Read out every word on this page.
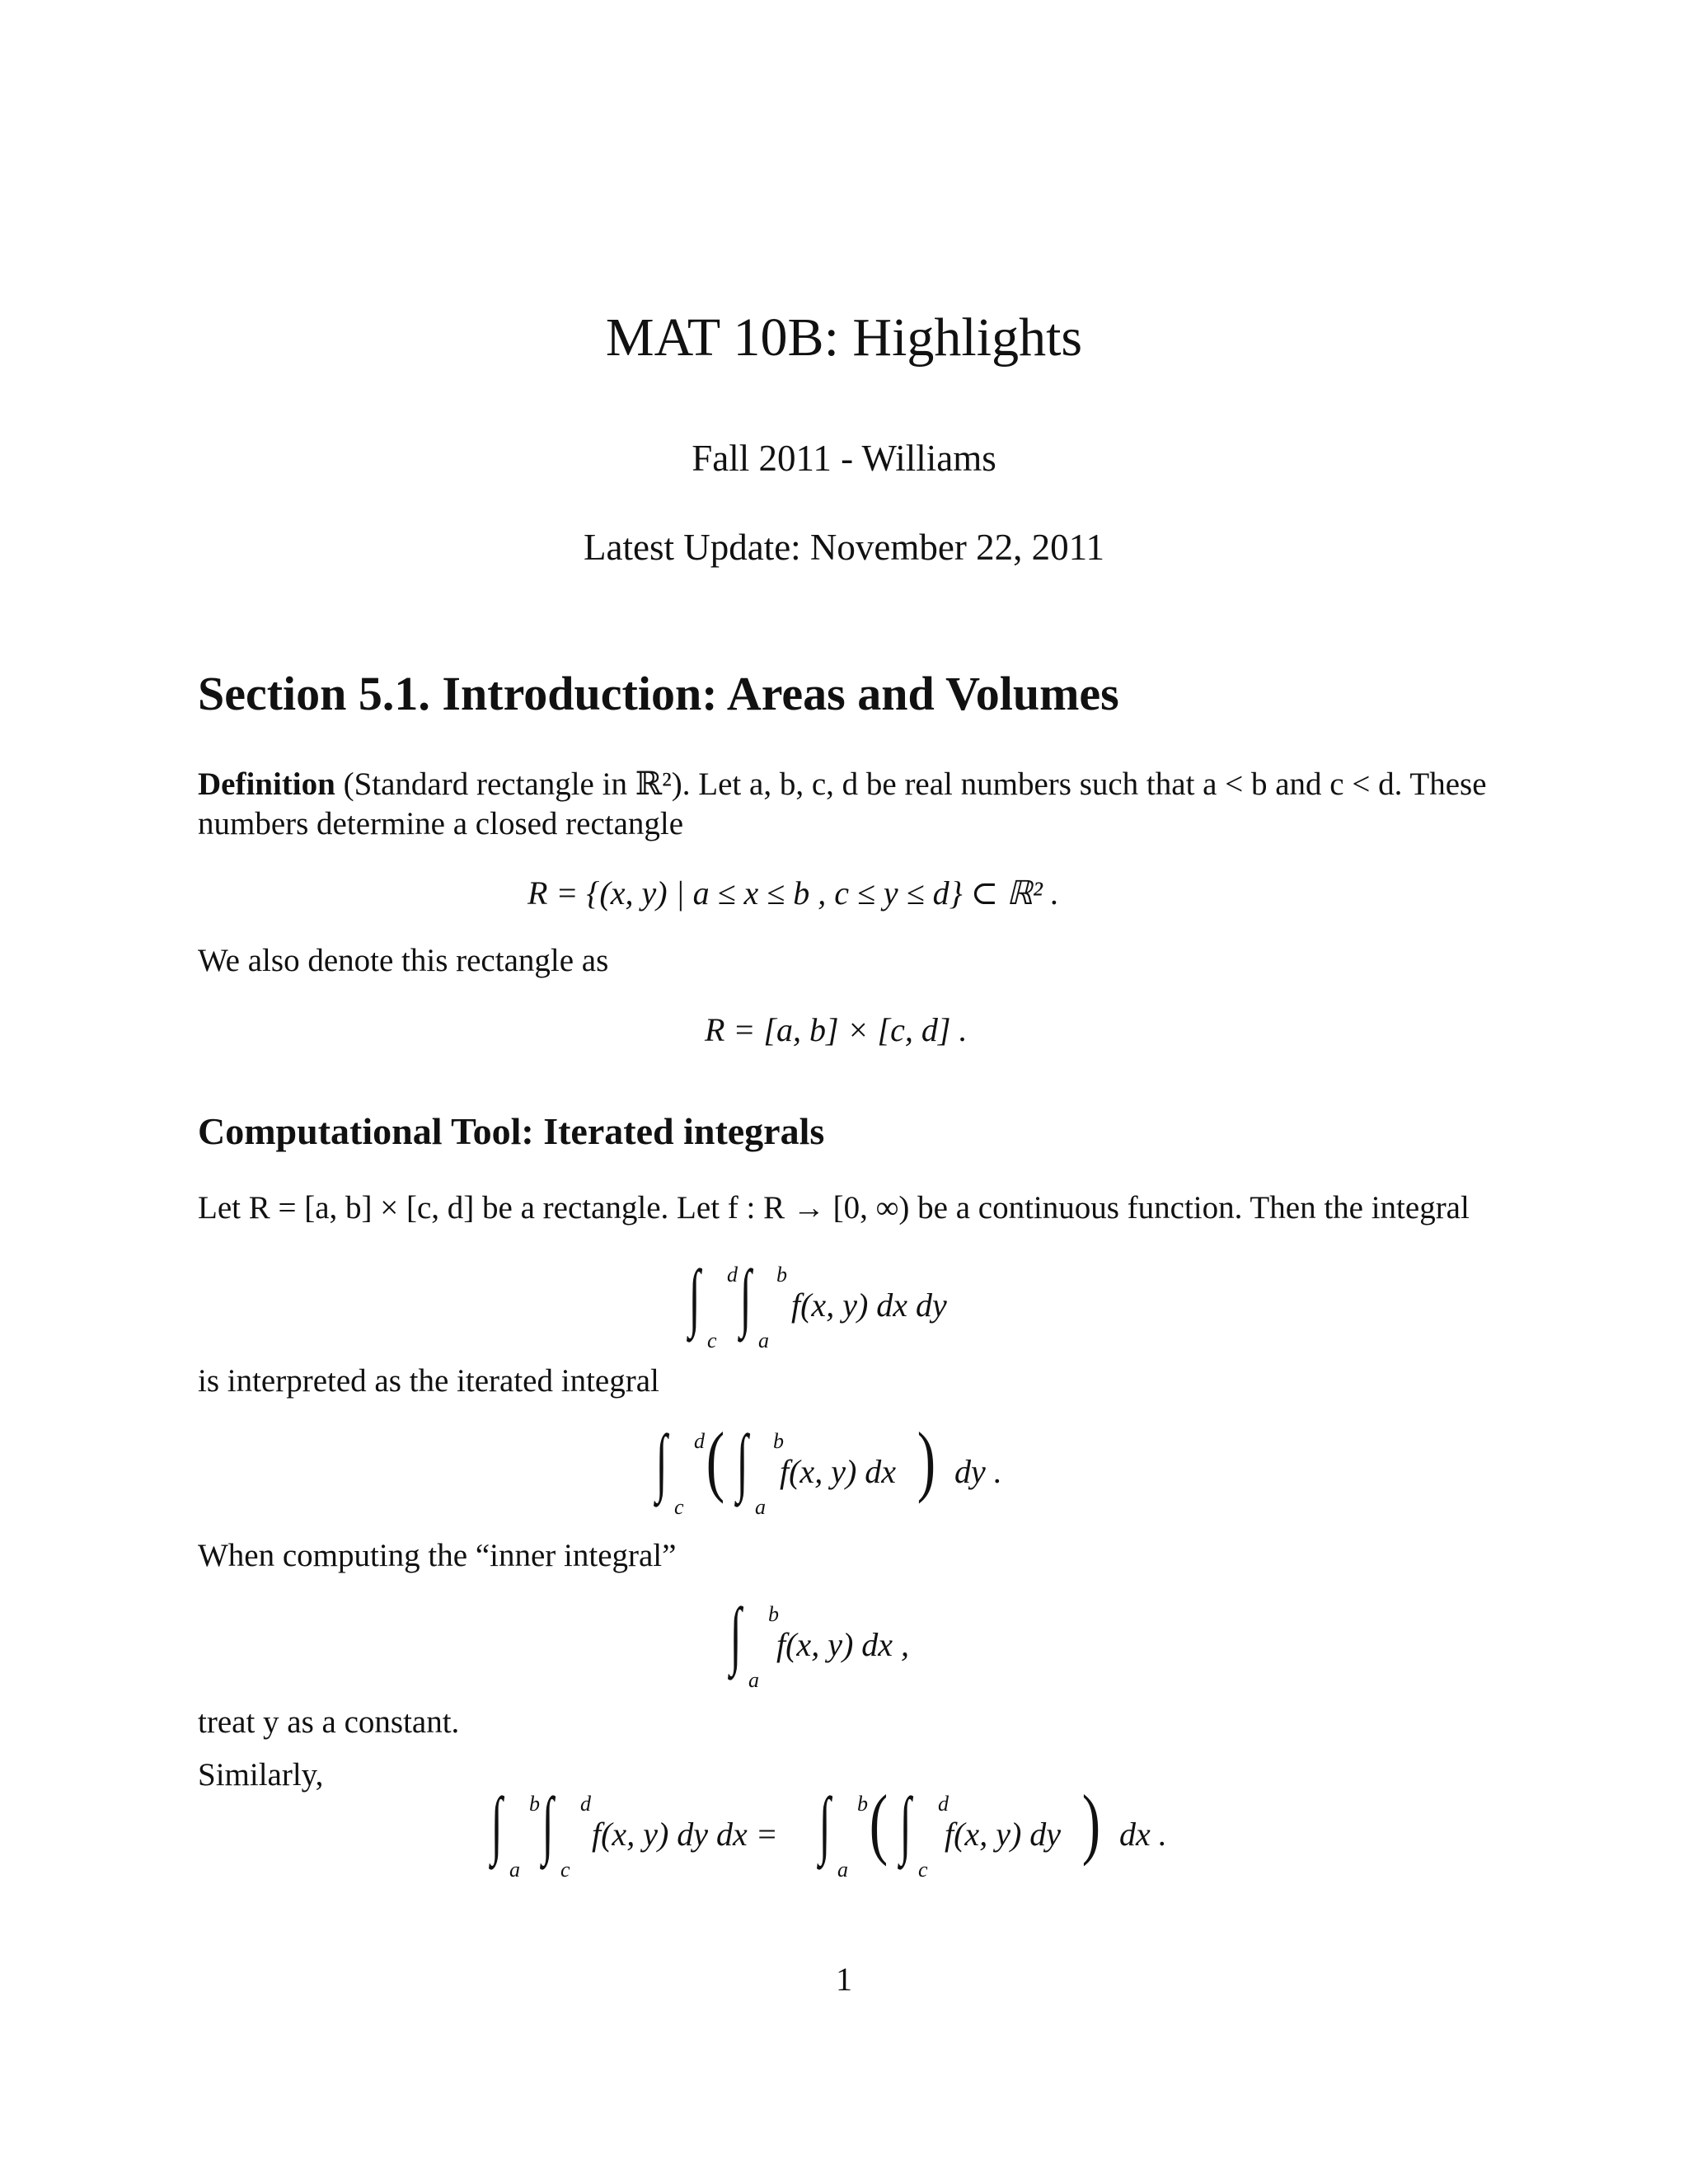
MAT 10B: Highlights
Fall 2011 - Williams
Latest Update: November 22, 2011
Section 5.1. Introduction: Areas and Volumes
Definition (Standard rectangle in ℝ²). Let a, b, c, d be real numbers such that a < b and c < d. These numbers determine a closed rectangle
R = {(x, y) | a ≤ x ≤ b , c ≤ y ≤ d} ⊂ ℝ² .
We also denote this rectangle as
R = [a, b] × [c, d] .
Computational Tool: Iterated integrals
Let R = [a, b] × [c, d] be a rectangle. Let f : R → [0, ∞) be a continuous function. Then the integral
∫ d
c
∫ b
a
f(x, y) dx dy
is interpreted as the iterated integral
∫ d
c
( ∫ b
a
f(x, y) dx ) dy .
When computing the “inner integral”
∫ b
a
f(x, y) dx ,
treat y as a constant.
Similarly,
∫ b
a
∫ d
c
f(x, y) dy dx = ∫ b
a
( ∫ d
c
f(x, y) dy ) dx .
1
